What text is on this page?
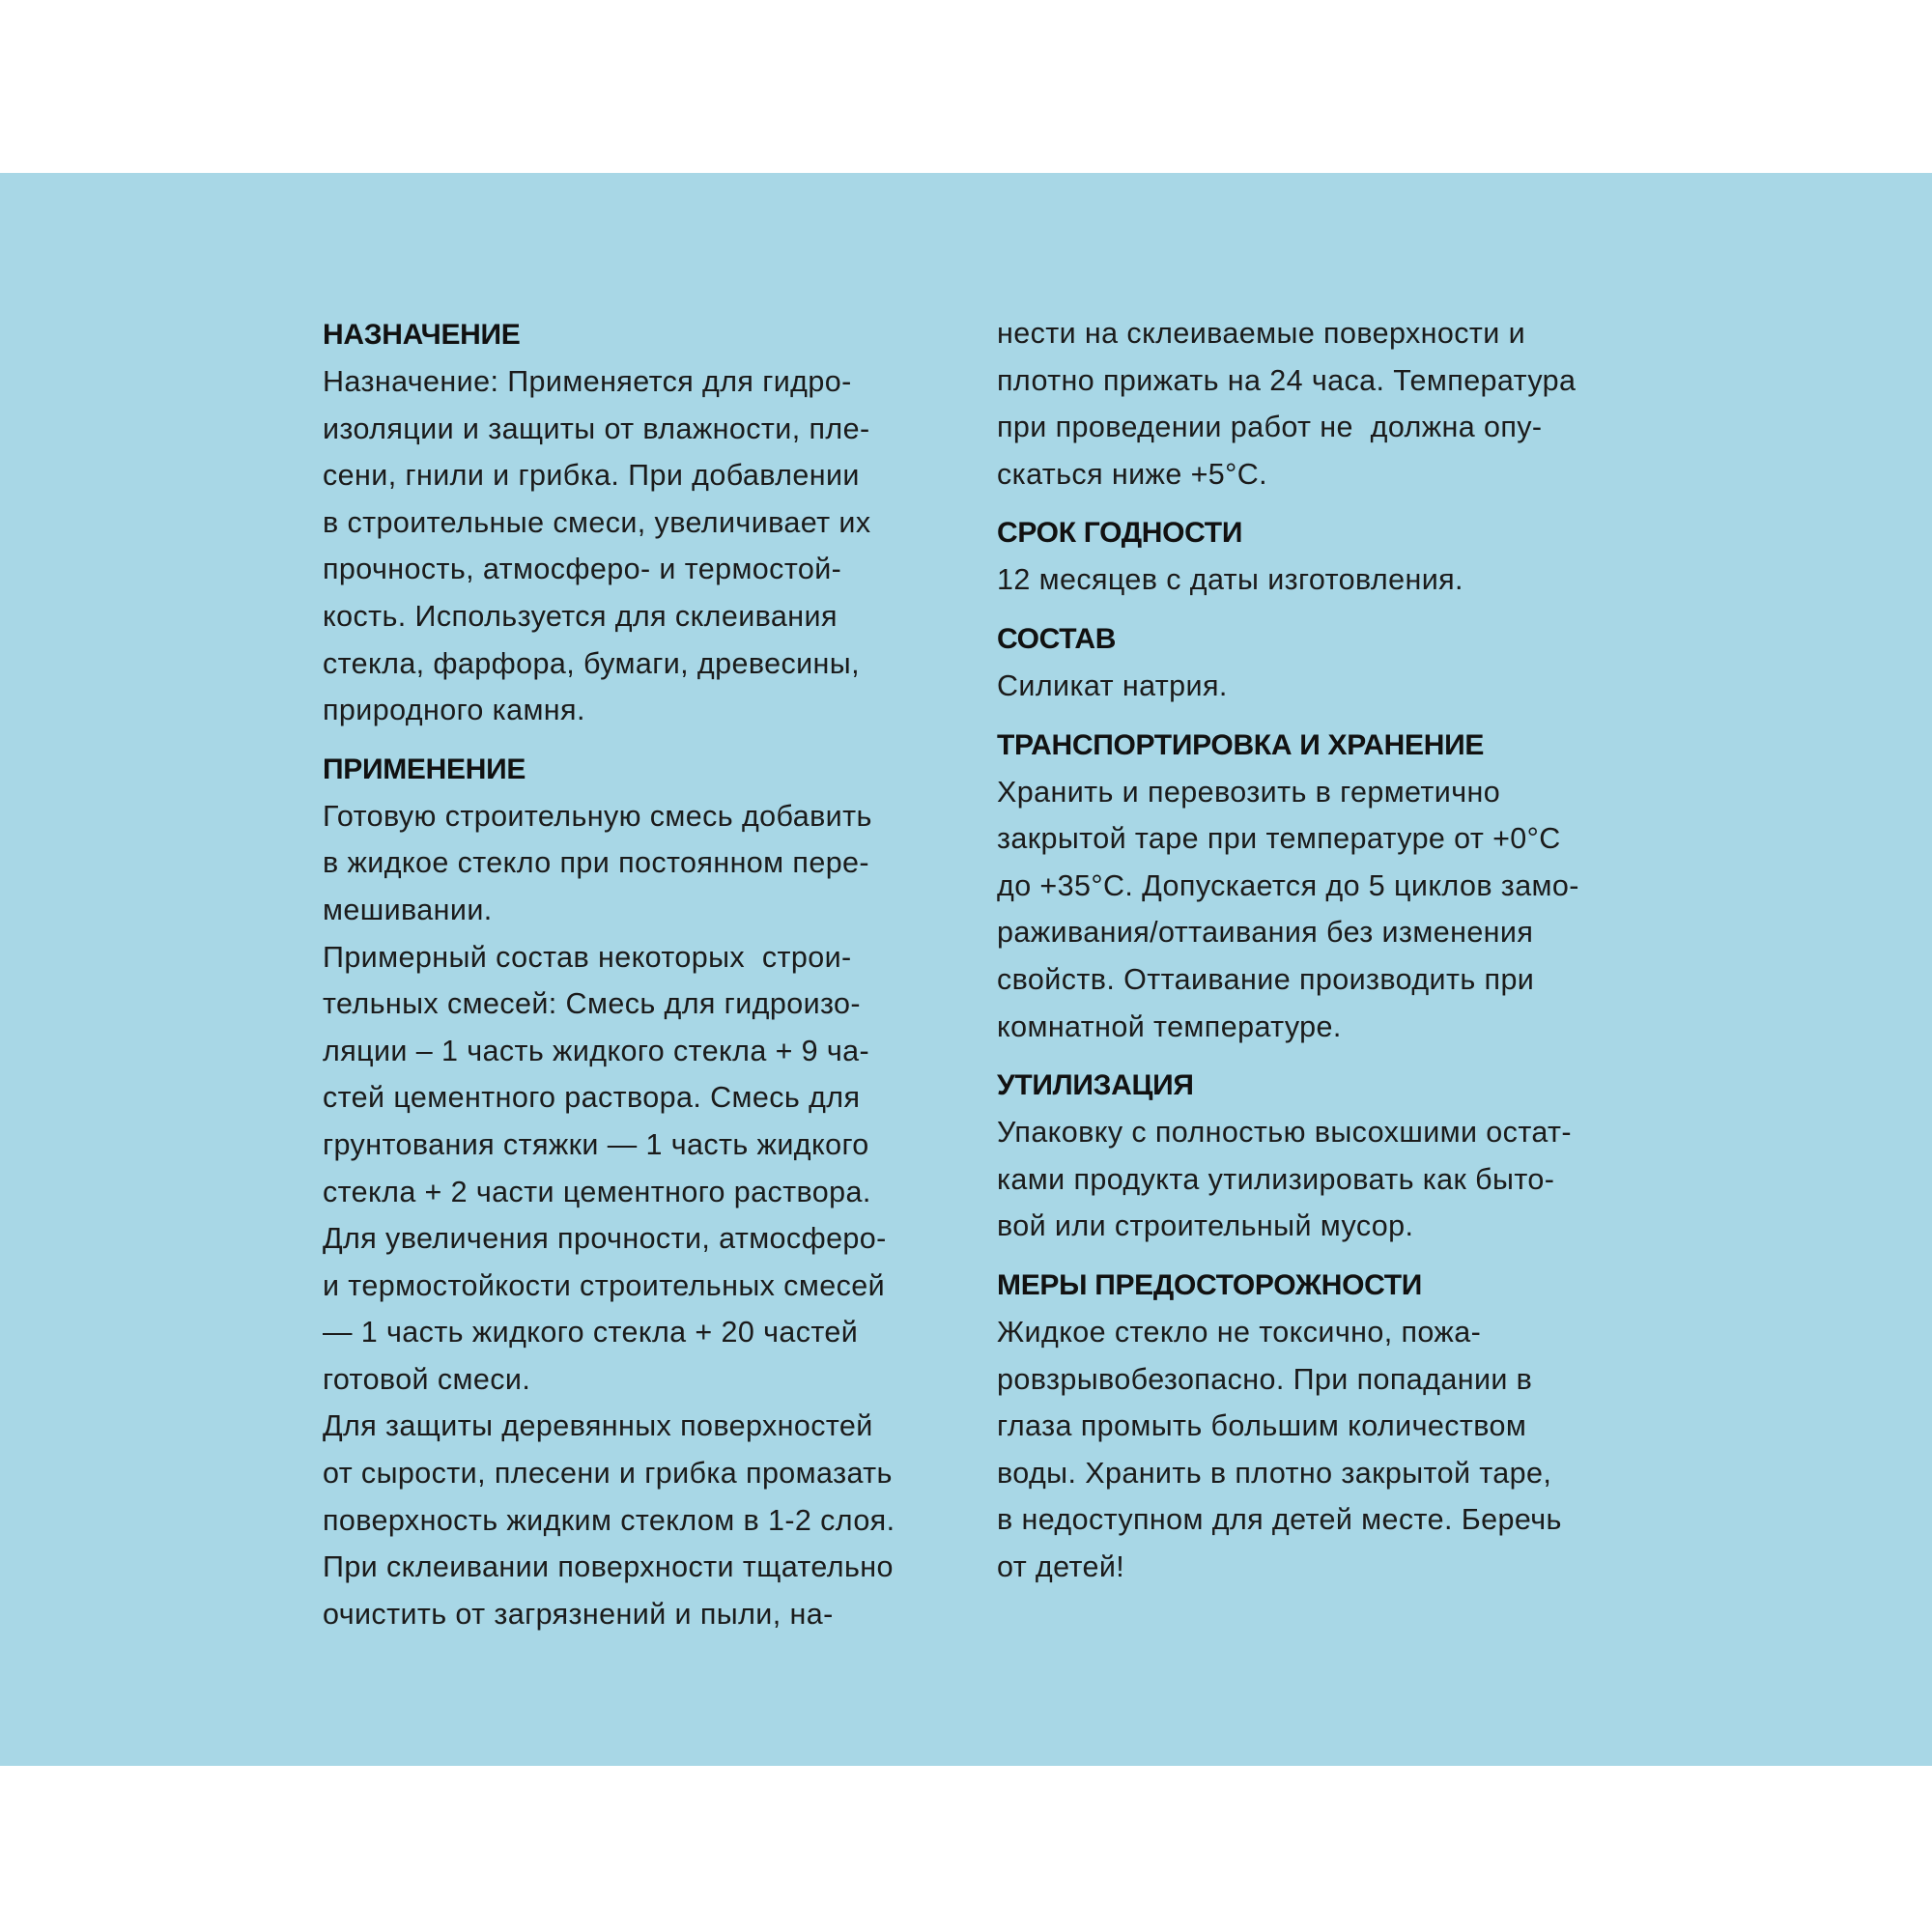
НАЗНАЧЕНИЕ
Назначение: Применяется для гидро-
изоляции и защиты от влажности, пле-
сени, гнили и грибка. При добавлении
в строительные смеси, увеличивает их
прочность, атмосферо- и термостой-
кость. Используется для склеивания
стекла, фарфора, бумаги, древесины,
природного камня.
ПРИМЕНЕНИЕ
Готовую строительную смесь добавить
в жидкое стекло при постоянном пере-
мешивании.
Примерный состав некоторых  строи-
тельных смесей: Смесь для гидроизо-
ляции – 1 часть жидкого стекла + 9 ча-
стей цементного раствора. Смесь для
грунтования стяжки — 1 часть жидкого
стекла + 2 части цементного раствора.
Для увеличения прочности, атмосферо-
и термостойкости строительных смесей
— 1 часть жидкого стекла + 20 частей
готовой смеси.
Для защиты деревянных поверхностей
от сырости, плесени и грибка промазать
поверхность жидким стеклом в 1-2 слоя.
При склеивании поверхности тщательно
очистить от загрязнений и пыли, на-
нести на склеиваемые поверхности и
плотно прижать на 24 часа. Температура
при проведении работ не  должна опу-
скаться ниже +5°С.
СРОК ГОДНОСТИ
12 месяцев с даты изготовления.
СОСТАВ
Силикат натрия.
ТРАНСПОРТИРОВКА И ХРАНЕНИЕ
Хранить и перевозить в герметично
закрытой таре при температуре от +0°С
до +35°С. Допускается до 5 циклов замо-
раживания/оттаивания без изменения
свойств. Оттаивание производить при
комнатной температуре.
УТИЛИЗАЦИЯ
Упаковку с полностью высохшими остат-
ками продукта утилизировать как быто-
вой или строительный мусор.
МЕРЫ ПРЕДОСТОРОЖНОСТИ
Жидкое стекло не токсично, пожа-
ровзрывобезопасно. При попадании в
глаза промыть большим количеством
воды. Хранить в плотно закрытой таре,
в недоступном для детей месте. Беречь
от детей!
